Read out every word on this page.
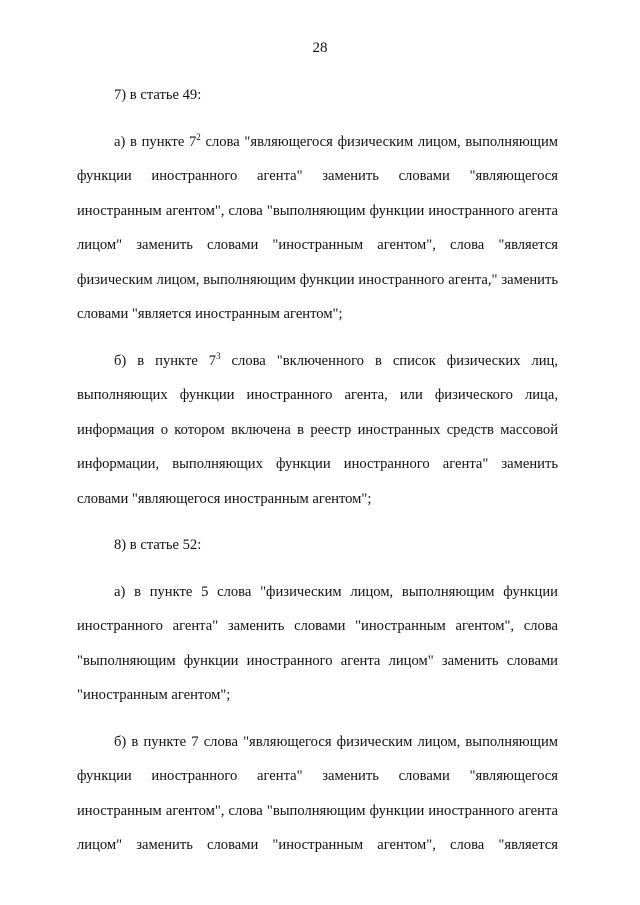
28

7) в статье 49:

а) в пункте $7^2$ слова "являющегося физическим лицом, выполняющим функции иностранного агента" заменить словами "являющегося иностранным агентом", слова "выполняющим функции иностранного агента лицом" заменить словами "иностранным агентом", слова "является физическим лицом, выполняющим функции иностранного агента," заменить словами "является иностранным агентом";

б) в пункте $7^3$ слова "включенного в список физических лиц, выполняющих функции иностранного агента, или физического лица, информация о котором включена в реестр иностранных средств массовой информации, выполняющих функции иностранного агента" заменить словами "являющегося иностранным агентом";

8) в статье 52:

а) в пункте 5 слова "физическим лицом, выполняющим функции иностранного агента" заменить словами "иностранным агентом", слова "выполняющим функции иностранного агента лицом" заменить словами "иностранным агентом";

б) в пункте 7 слова "являющегося физическим лицом, выполняющим функции иностранного агента" заменить словами "являющегося иностранным агентом", слова "выполняющим функции иностранного агента лицом" заменить словами "иностранным агентом", слова "является
